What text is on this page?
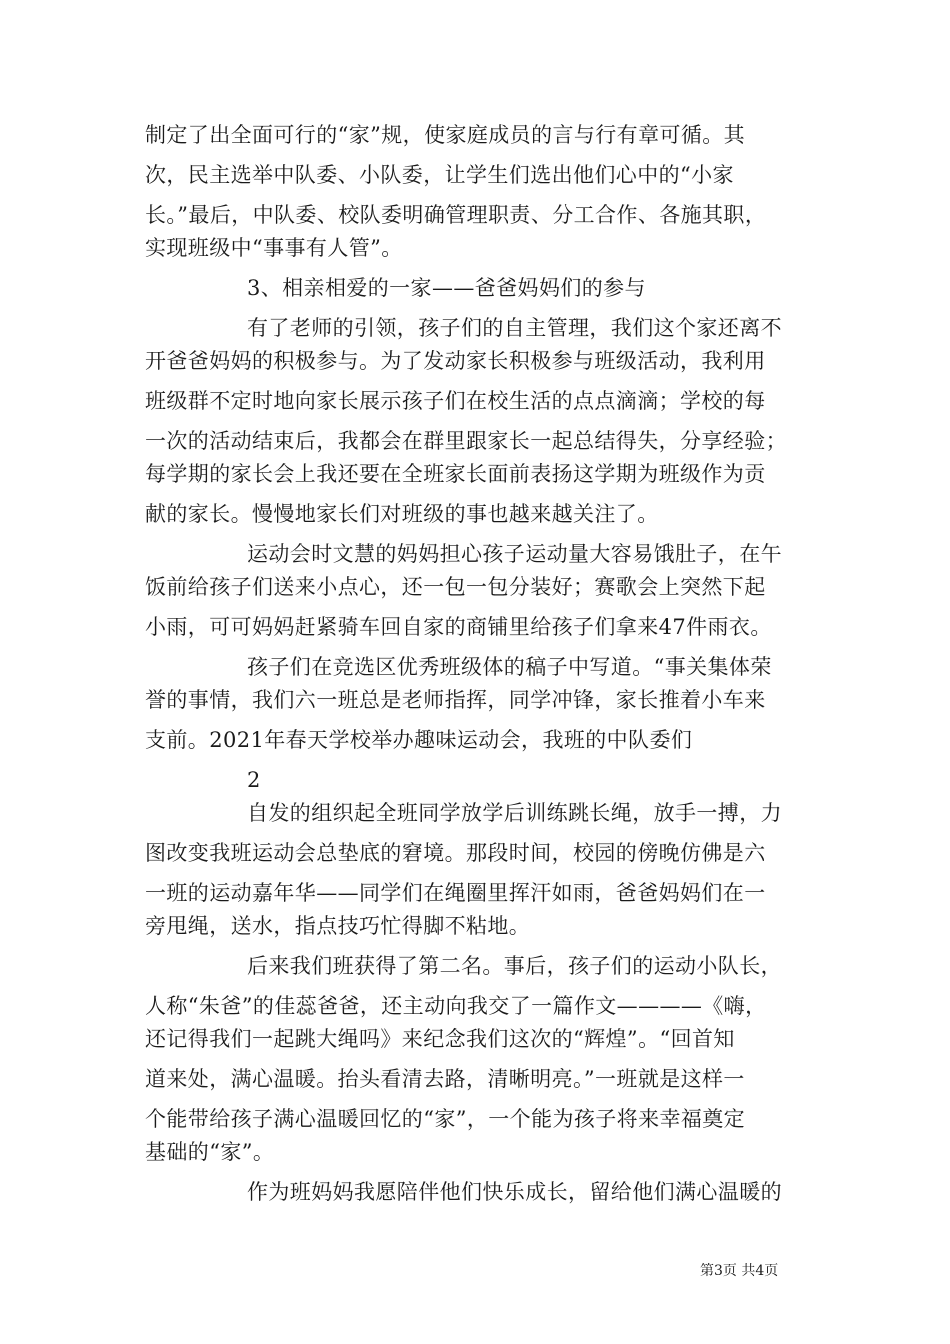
制定了出全面可行的“家”规，使家庭成员的言与行有章可循。其
次，民主选举中队委、小队委，让学生们选出他们心中的“小家
长。”最后，中队委、校队委明确管理职责、分工合作、各施其职，
实现班级中“事事有人管”。
3、相亲相爱的一家——爸爸妈妈们的参与
有了老师的引领，孩子们的自主管理，我们这个家还离不
开爸爸妈妈的积极参与。为了发动家长积极参与班级活动，我利用
班级群不定时地向家长展示孩子们在校生活的点点滴滴；学校的每
一次的活动结束后，我都会在群里跟家长一起总结得失，分享经验；
每学期的家长会上我还要在全班家长面前表扬这学期为班级作为贡
献的家长。慢慢地家长们对班级的事也越来越关注了。
运动会时文慧的妈妈担心孩子运动量大容易饿肚子，在午
饭前给孩子们送来小点心，还一包一包分装好；赛歌会上突然下起
小雨，可可妈妈赶紧骑车回自家的商铺里给孩子们拿来47件雨衣。
孩子们在竞选区优秀班级体的稿子中写道。“事关集体荣
誉的事情，我们六一班总是老师指挥，同学冲锋，家长推着小车来
支前。2021年春天学校举办趣味运动会，我班的中队委们
2
自发的组织起全班同学放学后训练跳长绳，放手一搏，力
图改变我班运动会总垫底的窘境。那段时间，校园的傍晚仿佛是六
一班的运动嘉年华——同学们在绳圈里挥汗如雨，爸爸妈妈们在一
旁甩绳，送水，指点技巧忙得脚不粘地。
后来我们班获得了第二名。事后，孩子们的运动小队长，
人称“朱爸”的佳蕊爸爸，还主动向我交了一篇作文————《嗨，
还记得我们一起跳大绳吗》来纪念我们这次的“辉煌”。“回首知
道来处，满心温暖。抬头看清去路，清晰明亮。”一班就是这样一
个能带给孩子满心温暖回忆的“家”，一个能为孩子将来幸福奠定
基础的“家”。
作为班妈妈我愿陪伴他们快乐成长，留给他们满心温暖的
第3页 共4页
